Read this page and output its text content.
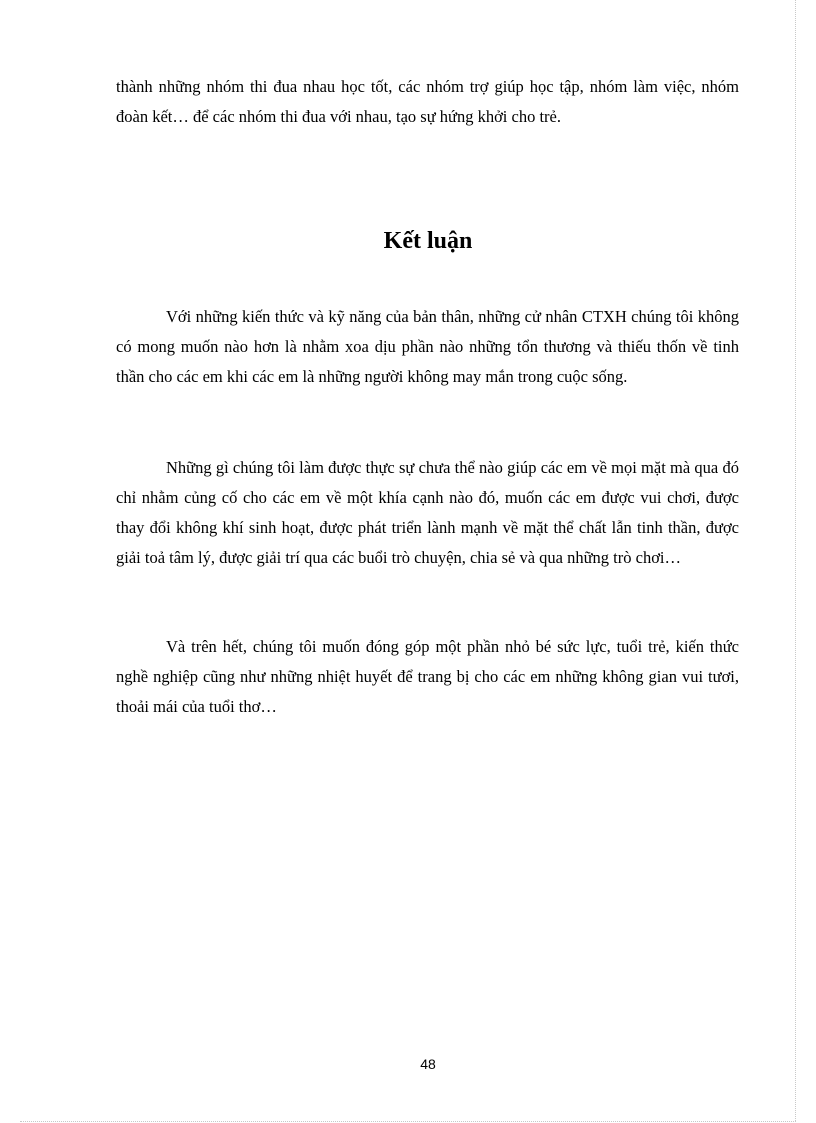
thành những nhóm thi đua nhau học tốt, các nhóm trợ giúp học tập, nhóm làm việc, nhóm đoàn kết… để các nhóm thi đua với nhau, tạo sự hứng khởi cho trẻ.

Kết luận

Với những kiến thức và kỹ năng của bản thân, những cử nhân CTXH chúng tôi không có mong muốn nào hơn là nhằm xoa dịu phần nào những tổn thương và thiếu thốn về tinh thần cho các em khi các em là những người không may mắn trong cuộc sống.

Những gì chúng tôi làm được thực sự chưa thể nào giúp các em về mọi mặt mà qua đó chỉ nhằm củng cố cho các em về một khía cạnh nào đó, muốn các em được vui chơi, được thay đổi không khí sinh hoạt, được phát triển lành mạnh về mặt thể chất lẫn tinh thần, được giải toả tâm lý, được giải trí qua các buổi trò chuyện, chia sẻ và qua những trò chơi…

Và trên hết, chúng tôi muốn đóng góp một phần nhỏ bé sức lực, tuổi trẻ, kiến thức nghề nghiệp cũng như những nhiệt huyết để trang bị cho các em những không gian vui tươi, thoải mái của tuổi thơ…

48
